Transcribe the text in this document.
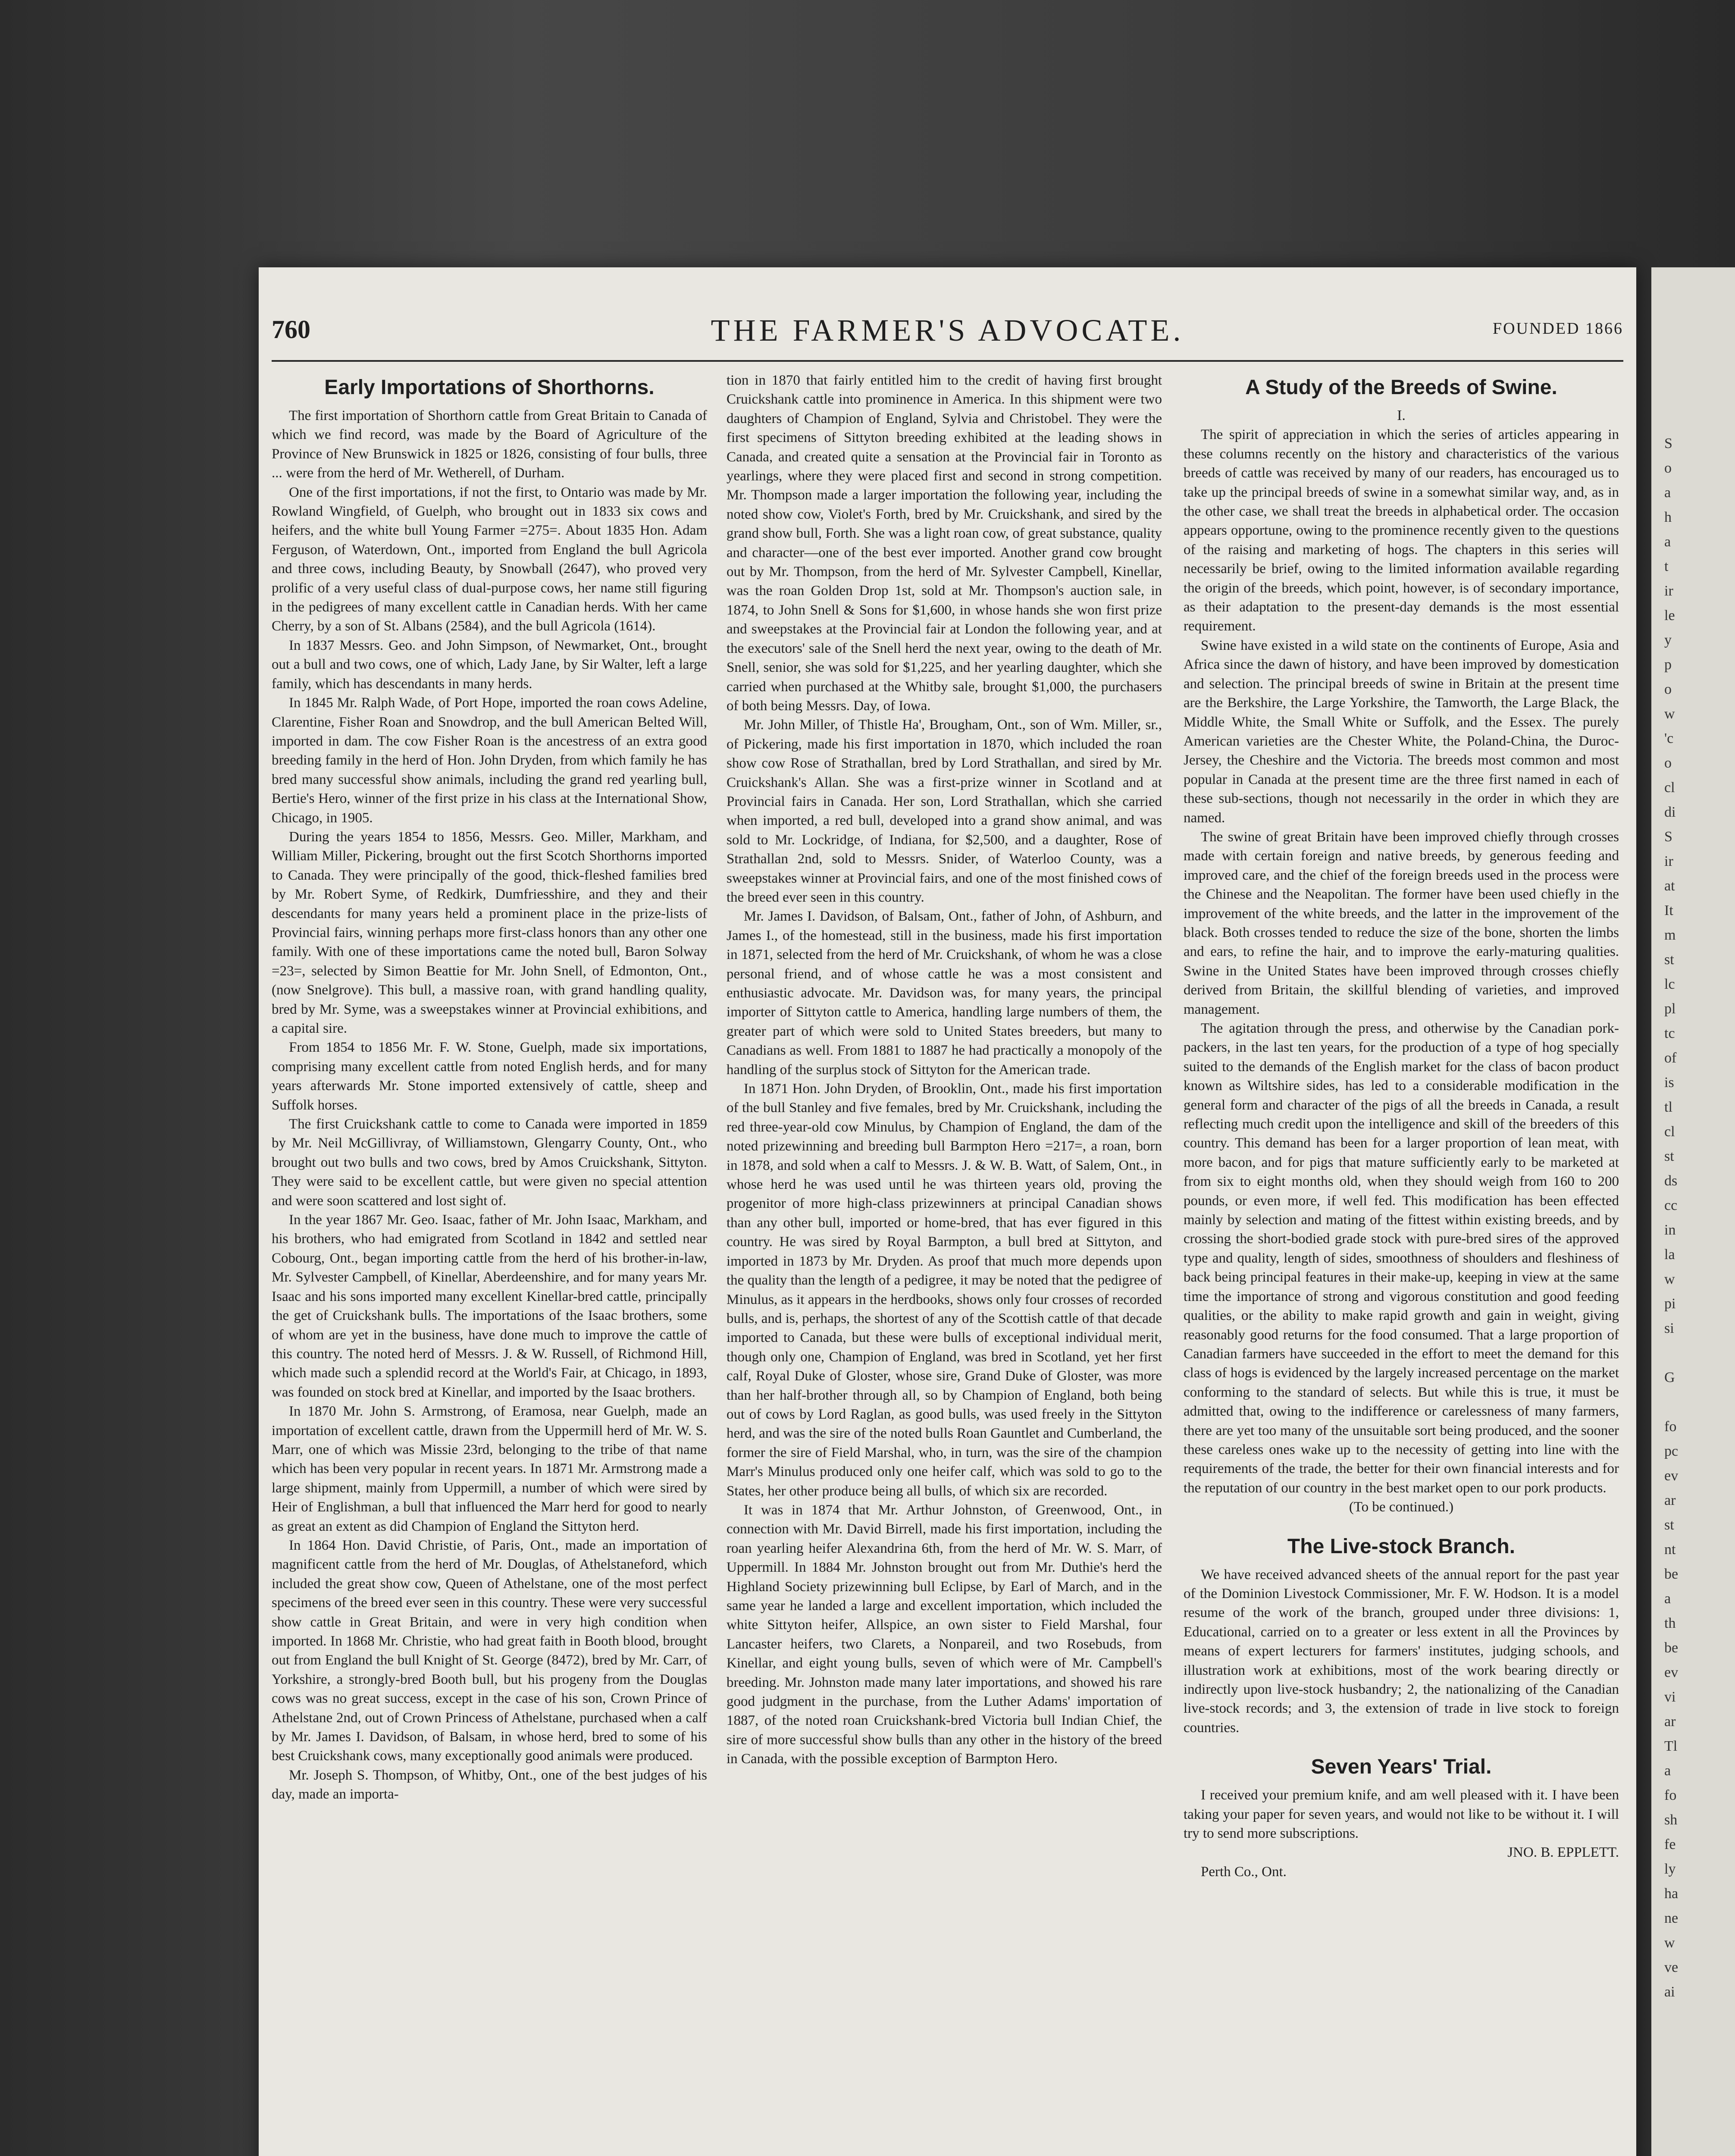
760	THE FARMER'S ADVOCATE.	FOUNDED 1866
Early Importations of Shorthorns.

The first importation of Shorthorn cattle from Great Britain to Canada of which we find record, was made by the Board of Agriculture of the Province of New Brunswick in 1825 or 1826, consisting of four bulls, three ... were from the herd of Mr. Wetherell, of Durham.

One of the first importations, if not the first, to Ontario was made by Mr. Rowland Wingfield, of Guelph, who brought out in 1833 six cows and heifers, and the white bull Young Farmer =275=. About 1835 Hon. Adam Ferguson, of Waterdown, Ont., imported from England the bull Agricola and three cows, including Beauty, by Snowball (2647), who proved very prolific of a very useful class of dual-purpose cows, her name still figuring in the pedigrees of many excellent cattle in Canadian herds. With her came Cherry, by a son of St. Albans (2584), and the bull Agricola (1614).

In 1837 Messrs. Geo. and John Simpson, of Newmarket, Ont., brought out a bull and two cows, one of which, Lady Jane, by Sir Walter, left a large family, which has descendants in many herds.

In 1845 Mr. Ralph Wade, of Port Hope, imported the roan cows Adeline, Clarentine, Fisher Roan and Snowdrop, and the bull American Belted Will, imported in dam. The cow Fisher Roan is the ancestress of an extra good breeding family in the herd of Hon. John Dryden, from which family he has bred many successful show animals, including the grand red yearling bull, Bertie's Hero, winner of the first prize in his class at the International Show, Chicago, in 1905.

During the years 1854 to 1856, Messrs. Geo. Miller, Markham, and William Miller, Pickering, brought out the first Scotch Shorthorns imported to Canada. They were principally of the good, thick-fleshed families bred by Mr. Robert Syme, of Redkirk, Dumfriesshire, and they and their descendants for many years held a prominent place in the prize-lists of Provincial fairs, winning perhaps more first-class honors than any other one family. With one of these importations came the noted bull, Baron Solway =23=, selected by Simon Beattie for Mr. John Snell, of Edmonton, Ont., (now Snelgrove). This bull, a massive roan, with grand handling quality, bred by Mr. Syme, was a sweepstakes winner at Provincial exhibitions, and a capital sire.

From 1854 to 1856 Mr. F. W. Stone, Guelph, made six importations, comprising many excellent cattle from noted English herds, and for many years afterwards Mr. Stone imported extensively of cattle, sheep and Suffolk horses.

The first Cruickshank cattle to come to Canada were imported in 1859 by Mr. Neil McGillivray, of Williamstown, Glengarry County, Ont., who brought out two bulls and two cows, bred by Amos Cruickshank, Sittyton. They were said to be excellent cattle, but were given no special attention and were soon scattered and lost sight of.

In the year 1867 Mr. Geo. Isaac, father of Mr. John Isaac, Markham, and his brothers, who had emigrated from Scotland in 1842 and settled near Cobourg, Ont., began importing cattle from the herd of his brother-in-law, Mr. Sylvester Campbell, of Kinellar, Aberdeenshire, and for many years Mr. Isaac and his sons imported many excellent Kinellar-bred cattle, principally the get of Cruickshank bulls. The importations of the Isaac brothers, some of whom are yet in the business, have done much to improve the cattle of this country. The noted herd of Messrs. J. & W. Russell, of Richmond Hill, which made such a splendid record at the World's Fair, at Chicago, in 1893, was founded on stock bred at Kinellar, and imported by the Isaac brothers.

In 1870 Mr. John S. Armstrong, of Eramosa, near Guelph, made an importation of excellent cattle, drawn from the Uppermill herd of Mr. W. S. Marr, one of which was Missie 23rd, belonging to the tribe of that name which has been very popular in recent years. In 1871 Mr. Armstrong made a large shipment, mainly from Uppermill, a number of which were sired by Heir of Englishman, a bull that influenced the Marr herd for good to nearly as great an extent as did Champion of England the Sittyton herd.

In 1864 Hon. David Christie, of Paris, Ont., made an importation of magnificent cattle from the herd of Mr. Douglas, of Athelstaneford, which included the great show cow, Queen of Athelstane, one of the most perfect specimens of the breed ever seen in this country. These were very successful show cattle in Great Britain, and were in very high condition when imported. In 1868 Mr. Christie, who had great faith in Booth blood, brought out from England the bull Knight of St. George (8472), bred by Mr. Carr, of Yorkshire, a strongly-bred Booth bull, but his progeny from the Douglas cows was no great success, except in the case of his son, Crown Prince of Athelstane 2nd, out of Crown Princess of Athelstane, purchased when a calf by Mr. James I. Davidson, of Balsam, in whose herd, bred to some of his best Cruickshank cows, many exceptionally good animals were produced.

Mr. Joseph S. Thompson, of Whitby, Ont., one of the best judges of his day, made an importa-

tion in 1870 that fairly entitled him to the credit of having first brought Cruickshank cattle into prominence in America. In this shipment were two daughters of Champion of England, Sylvia and Christobel. They were the first specimens of Sittyton breeding exhibited at the leading shows in Canada, and created quite a sensation at the Provincial fair in Toronto as yearlings, where they were placed first and second in strong competition. Mr. Thompson made a larger importation the following year, including the noted show cow, Violet's Forth, bred by Mr. Cruickshank, and sired by the grand show bull, Forth. She was a light roan cow, of great substance, quality and character—one of the best ever imported. Another grand cow brought out by Mr. Thompson, from the herd of Mr. Sylvester Campbell, Kinellar, was the roan Golden Drop 1st, sold at Mr. Thompson's auction sale, in 1874, to John Snell & Sons for $1,600, in whose hands she won first prize and sweepstakes at the Provincial fair at London the following year, and at the executors' sale of the Snell herd the next year, owing to the death of Mr. Snell, senior, she was sold for $1,225, and her yearling daughter, which she carried when purchased at the Whitby sale, brought $1,000, the purchasers of both being Messrs. Day, of Iowa.

Mr. John Miller, of Thistle Ha', Brougham, Ont., son of Wm. Miller, sr., of Pickering, made his first importation in 1870, which included the roan show cow Rose of Strathallan, bred by Lord Strathallan, and sired by Mr. Cruickshank's Allan. She was a first-prize winner in Scotland and at Provincial fairs in Canada. Her son, Lord Strathallan, which she carried when imported, a red bull, developed into a grand show animal, and was sold to Mr. Lockridge, of Indiana, for $2,500, and a daughter, Rose of Strathallan 2nd, sold to Messrs. Snider, of Waterloo County, was a sweepstakes winner at Provincial fairs, and one of the most finished cows of the breed ever seen in this country.

Mr. James I. Davidson, of Balsam, Ont., father of John, of Ashburn, and James I., of the homestead, still in the business, made his first importation in 1871, selected from the herd of Mr. Cruickshank, of whom he was a close personal friend, and of whose cattle he was a most consistent and enthusiastic advocate. Mr. Davidson was, for many years, the principal importer of Sittyton cattle to America, handling large numbers of them, the greater part of which were sold to United States breeders, but many to Canadians as well. From 1881 to 1887 he had practically a monopoly of the handling of the surplus stock of Sittyton for the American trade.

In 1871 Hon. John Dryden, of Brooklin, Ont., made his first importation of the bull Stanley and five females, bred by Mr. Cruickshank, including the red three-year-old cow Minulus, by Champion of England, the dam of the noted prizewinning and breeding bull Barmpton Hero =217=, a roan, born in 1878, and sold when a calf to Messrs. J. & W. B. Watt, of Salem, Ont., in whose herd he was used until he was thirteen years old, proving the progenitor of more high-class prizewinners at principal Canadian shows than any other bull, imported or home-bred, that has ever figured in this country. He was sired by Royal Barmpton, a bull bred at Sittyton, and imported in 1873 by Mr. Dryden. As proof that much more depends upon the quality than the length of a pedigree, it may be noted that the pedigree of Minulus, as it appears in the herdbooks, shows only four crosses of recorded bulls, and is, perhaps, the shortest of any of the Scottish cattle of that decade imported to Canada, but these were bulls of exceptional individual merit, though only one, Champion of England, was bred in Scotland, yet her first calf, Royal Duke of Gloster, whose sire, Grand Duke of Gloster, was more than her half-brother through all, so by Champion of England, both being out of cows by Lord Raglan, as good bulls, was used freely in the Sittyton herd, and was the sire of the noted bulls Roan Gauntlet and Cumberland, the former the sire of Field Marshal, who, in turn, was the sire of the champion Marr's Minulus produced only one heifer calf, which was sold to go to the States, her other produce being all bulls, of which six are recorded.

It was in 1874 that Mr. Arthur Johnston, of Greenwood, Ont., in connection with Mr. David Birrell, made his first importation, including the roan yearling heifer Alexandrina 6th, from the herd of Mr. W. S. Marr, of Uppermill. In 1884 Mr. Johnston brought out from Mr. Duthie's herd the Highland Society prizewinning bull Eclipse, by Earl of March, and in the same year he landed a large and excellent importation, which included the white Sittyton heifer, Allspice, an own sister to Field Marshal, four Lancaster heifers, two Clarets, a Nonpareil, and two Rosebuds, from Kinellar, and eight young bulls, seven of which were of Mr. Campbell's breeding. Mr. Johnston made many later importations, and showed his rare good judgment in the purchase, from the Luther Adams' importation of 1887, of the noted roan Cruickshank-bred Victoria bull Indian Chief, the sire of more successful show bulls than any other in the history of the breed in Canada, with the possible exception of Barmpton Hero.

A Study of the Breeds of Swine.

I.

The spirit of appreciation in which the series of articles appearing in these columns recently on the history and characteristics of the various breeds of cattle was received by many of our readers, has encouraged us to take up the principal breeds of swine in a somewhat similar way, and, as in the other case, we shall treat the breeds in alphabetical order. The occasion appears opportune, owing to the prominence recently given to the questions of the raising and marketing of hogs. The chapters in this series will necessarily be brief, owing to the limited information available regarding the origin of the breeds, which point, however, is of secondary importance, as their adaptation to the present-day demands is the most essential requirement.

Swine have existed in a wild state on the continents of Europe, Asia and Africa since the dawn of history, and have been improved by domestication and selection. The principal breeds of swine in Britain at the present time are the Berkshire, the Large Yorkshire, the Tamworth, the Large Black, the Middle White, the Small White or Suffolk, and the Essex. The purely American varieties are the Chester White, the Poland-China, the Duroc-Jersey, the Cheshire and the Victoria. The breeds most common and most popular in Canada at the present time are the three first named in each of these sub-sections, though not necessarily in the order in which they are named.

The swine of great Britain have been improved chiefly through crosses made with certain foreign and native breeds, by generous feeding and improved care, and the chief of the foreign breeds used in the process were the Chinese and the Neapolitan. The former have been used chiefly in the improvement of the white breeds, and the latter in the improvement of the black. Both crosses tended to reduce the size of the bone, shorten the limbs and ears, to refine the hair, and to improve the early-maturing qualities. Swine in the United States have been improved through crosses chiefly derived from Britain, the skillful blending of varieties, and improved management.

The agitation through the press, and otherwise by the Canadian pork-packers, in the last ten years, for the production of a type of hog specially suited to the demands of the English market for the class of bacon product known as Wiltshire sides, has led to a considerable modification in the general form and character of the pigs of all the breeds in Canada, a result reflecting much credit upon the intelligence and skill of the breeders of this country. This demand has been for a larger proportion of lean meat, with more bacon, and for pigs that mature sufficiently early to be marketed at from six to eight months old, when they should weigh from 160 to 200 pounds, or even more, if well fed. This modification has been effected mainly by selection and mating of the fittest within existing breeds, and by crossing the short-bodied grade stock with pure-bred sires of the approved type and quality, length of sides, smoothness of shoulders and fleshiness of back being principal features in their make-up, keeping in view at the same time the importance of strong and vigorous constitution and good feeding qualities, or the ability to make rapid growth and gain in weight, giving reasonably good returns for the food consumed. That a large proportion of Canadian farmers have succeeded in the effort to meet the demand for this class of hogs is evidenced by the largely increased percentage on the market conforming to the standard of selects. But while this is true, it must be admitted that, owing to the indifference or carelessness of many farmers, there are yet too many of the unsuitable sort being produced, and the sooner these careless ones wake up to the necessity of getting into line with the requirements of the trade, the better for their own financial interests and for the reputation of our country in the best market open to our pork products.

(To be continued.)

The Live-stock Branch.

We have received advanced sheets of the annual report for the past year of the Dominion Livestock Commissioner, Mr. F. W. Hodson. It is a model resume of the work of the branch, grouped under three divisions: 1, Educational, carried on to a greater or less extent in all the Provinces by means of expert lecturers for farmers' institutes, judging schools, and illustration work at exhibitions, most of the work bearing directly or indirectly upon live-stock husbandry; 2, the nationalizing of the Canadian live-stock records; and 3, the extension of trade in live stock to foreign countries.

Seven Years' Trial.

I received your premium knife, and am well pleased with it. I have been taking your paper for seven years, and would not like to be without it. I will try to send more subscriptions.

JNO. B. EPPLETT.

Perth Co., Ont.

S
o
a
h
a
t
ir
le
y
p
o
w
'c
o
cl
di
S
ir
at
It
m
st
lc
pl
tc
of
is
tl
cl
st
ds
cc
in
la
w
pi
si
G
fo
pc
ev
ar
st
nt
be
a
th
be
ev
vi
ar
Tl
a
fo
sh
fe
ly
ha
ne
w
ve
ai
